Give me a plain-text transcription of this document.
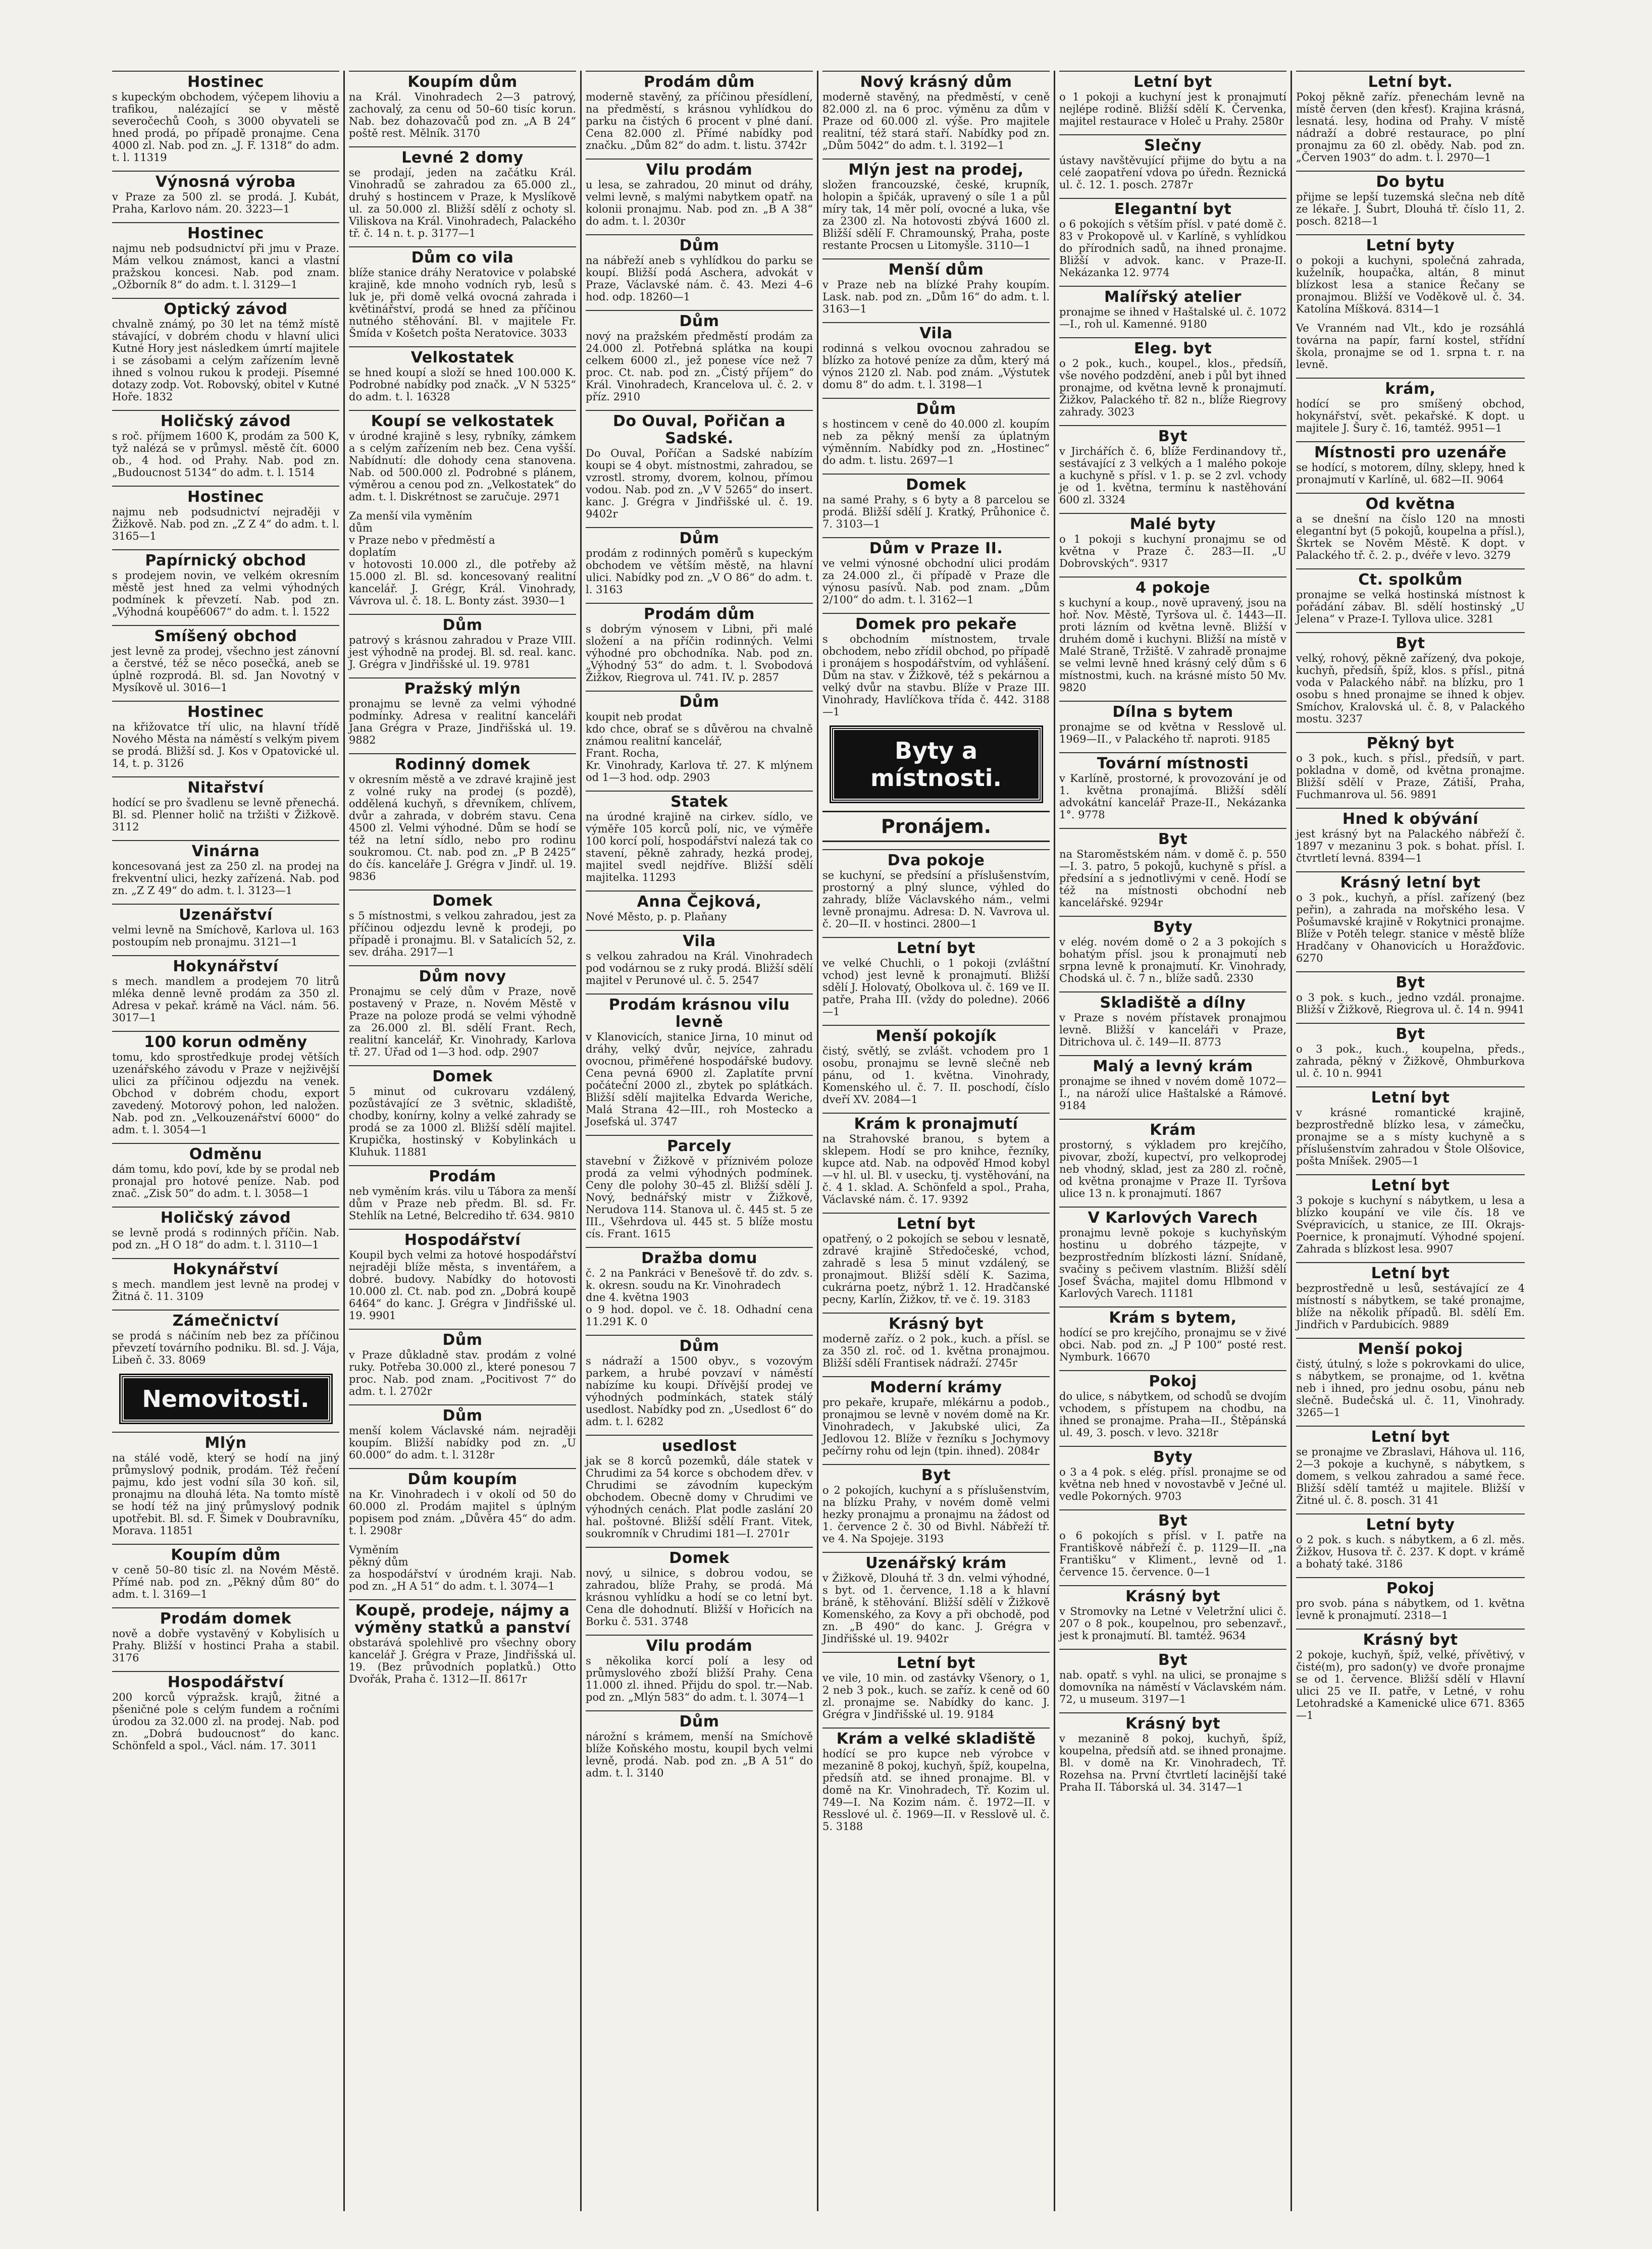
Hostinec
s kupeckým obchodem, výčepem lihoviu a trafikou, nalézající se v městě severočechů Cooh, s 3000 obyvateli se hned prodá, po případě pronajme. Cena 4000 zl. Nab. pod zn. „J. F. 1318“ do adm. t. l. 11319
Výnosná výroba
v Praze za 500 zl. se prodá. J. Kubát, Praha, Karlovo nám. 20. 3223—1
Hostinec
najmu neb podsudnictví při jmu v Praze. Mám velkou známost, kanci a vlastní pražskou koncesi. Nab. pod znam. „Ožborník 8“ do adm. t. l. 3129—1
Optický závod
chvalně známý, po 30 let na témž místě stávající, v dobrém chodu v hlavní ulici Kutné Hory jest následkem úmrtí majitele i se zásobami a celým zařízením levně ihned s volnou rukou k prodeji. Písemné dotazy zodp. Vot. Robovský, obitel v Kutné Hoře. 1832
Holičský závod
s roč. příjmem 1600 K, prodám za 500 K, tyž nalézá se v průmysl. městě čít. 6000 ob., 4 hod. od Prahy. Nab. pod zn. „Budoucnost 5134“ do adm. t. l. 1514
Hostinec
najmu neb podsudnictví nejraději v Žižkově. Nab. pod zn. „Z Z 4“ do adm. t. l. 3165—1
Papírnický obchod
s prodejem novin, ve velkém okresním městě jest hned za velmi výhodných podmínek k převzetí. Nab. pod zn. „Výhodná koupě6067“ do adm. t. l. 1522
Smíšený obchod
jest levně za prodej, všechno jest zánovní a čerstvé, též se něco posečká, aneb se úplně rozprodá. Bl. sd. Jan Novotný v Mysíkově ul. 3016—1
Hostinec
na křižovatce tří ulic, na hlavní třídě Nového Města na náměstí s velkým pivem se prodá. Bližší sd. J. Kos v Opatovické ul. 14, t. p. 3126
Nitařství
hodící se pro švadlenu se levně přenechá. Bl. sd. Plenner holič na tržišti v Žižkově. 3112
Vinárna
koncesovaná jest za 250 zl. na prodej na frekventní ulici, hezky zařízená. Nab. pod zn. „Z Z 49“ do adm. t. l. 3123—1
Uzenářství
velmi levně na Smíchově, Karlova ul. 163 postoupím neb pronajmu. 3121—1
Hokynářství
s mech. mandlem a prodejem 70 litrů mléka denně levně prodám za 350 zl. Adresa v pekař. krámě na Václ. nám. 56. 3017—1
100 korun odměny
tomu, kdo sprostředkuje prodej větších uzenářského závodu v Praze v nejživější ulici za příčinou odjezdu na venek. Obchod v dobrém chodu, export zavedený. Motorový pohon, led naložen. Nab. pod zn. „Velkouzenářství 6000“ do adm. t. l. 3054—1
Odměnu
dám tomu, kdo poví, kde by se prodal neb pronajal pro hotové peníze. Nab. pod znač. „Zisk 50“ do adm. t. l. 3058—1
Holičský závod
se levně prodá s rodinných příčin. Nab. pod zn. „H O 18“ do adm. t. l. 3110—1
Hokynářství
s mech. mandlem jest levně na prodej v Žitná č. 11. 3109
Zámečnictví
se prodá s náčiním neb bez za příčinou převzetí továrního podniku. Bl. sd. J. Vája, Libeň č. 33. 8069
Nemovitosti.
Mlýn
na stálé vodě, který se hodí na jiný průmyslový podnik, prodám. Též řečení pajmu, kdo jest vodní síla 30 koň. sil, pronajmu na dlouhá léta. Na tomto místě se hodí též na jiný průmyslový podnik upotřebit. Bl. sd. F. Šimek v Doubravníku, Morava. 11851
Koupím dům
v ceně 50–80 tisíc zl. na Novém Městě. Přímé nab. pod zn. „Pěkný dům 80“ do adm. t. l. 3169—1
Prodám domek
nově a dobře vystavěný v Kobylisích u Prahy. Bližší v hostinci Praha a stabil. 3176
Hospodářství
200 korců výpražsk. krajů, žitné a pšeničné pole s celým fundem a ročními úrodou za 32.000 zl. na prodej. Nab. pod zn. „Dobrá budoucnost“ do kanc. Schönfeld a spol., Václ. nám. 17. 3011
Koupím dům
na Král. Vinohradech 2—3 patrový, zachovalý, za cenu od 50–60 tisíc korun. Nab. bez dohazovačů pod zn. „A B 24“ poště rest. Mělník. 3170
Levné 2 domy
se prodají, jeden na začátku Král. Vinohradů se zahradou za 65.000 zl., druhý s hostincem v Praze, k Myslíkově ul. za 50.000 zl. Bližší sdělí z ochoty sl. Viliskova na Král. Vinohradech, Palackého tř. č. 14 n. t. p. 3177—1
Dům co vila
blíže stanice dráhy Neratovice v polabské krajině, kde mnoho vodních ryb, lesů s luk je, při domě velká ovocná zahrada i květinářství, prodá se hned za příčinou nutného stěhování. Bl. v majitele Fr. Šmída v Košetch pošta Neratovice. 3033
Velkostatek
se hned koupí a složí se hned 100.000 K. Podrobné nabídky pod značk. „V N 5325“ do adm. t. l. 16328
Koupí se velkostatek
v úrodné krajině s lesy, rybníky, zámkem a s celým zařízením neb bez. Cena vyšší. Nabídnutí: dle dohody cena stanovena. Nab. od 500.000 zl. Podrobné s plánem, výměrou a cenou pod zn. „Velkostatek“ do adm. t. l. Diskrétnost se zaručuje. 2971
Za menší vila vyměním
dům
v Praze nebo v předměstí a
doplatím
v hotovosti 10.000 zl., dle potřeby až 15.000 zl. Bl. sd. koncesovaný realitní kancelář. J. Grégr, Král. Vinohrady, Vávrova ul. č. 18. L. Bonty zást. 3930—1
Dům
patrový s krásnou zahradou v Praze VIII. jest výhodně na prodej. Bl. sd. real. kanc. J. Grégra v Jindřišské ul. 19. 9781
Pražský mlýn
pronajmu se levně za velmi výhodné podmínky. Adresa v realitní kanceláři Jana Grégra v Praze, Jindřišská ul. 19. 9882
Rodinný domek
v okresním městě a ve zdravé krajině jest z volné ruky na prodej (s pozdě), oddělená kuchyň, s dřevníkem, chlívem, dvůr a zahrada, v dobrém stavu. Cena 4500 zl. Velmi výhodné. Dům se hodí se též na letní sídlo, nebo pro rodinu soukromou. Ct. nab. pod zn. „P B 2425“ do čís. kanceláře J. Grégra v Jindř. ul. 19. 9836
Domek
s 5 místnostmi, s velkou zahradou, jest za příčinou odjezdu levně k prodeji, po případě i pronajmu. Bl. v Satalicích 52, z. sev. dráha. 2917—1
Dům novy
Pronajmu se celý dům v Praze, nově postavený v Praze, n. Novém Městě v Praze na poloze prodá se velmi výhodně za 26.000 zl. Bl. sdělí Frant. Rech, realitní kancelář, Kr. Vinohrady, Karlova tř. 27. Úřad od 1—3 hod. odp. 2907
Domek
5 minut od cukrovaru vzdálený, pozůstávající ze 3 světnic, skladiště, chodby, konírny, kolny a velké zahrady se prodá se za 1000 zl. Bližší sdělí majitel. Krupička, hostinský v Kobylinkách u Kluhuk. 11881
Prodám
neb vyměním krás. vilu u Tábora za menší dům v Praze neb předm. Bl. sd. Fr. Stehlík na Letné, Belcrediho tř. 634. 9810
Hospodářství
Koupil bych velmi za hotové hospodářství nejraději blíže města, s inventářem, a dobré. budovy. Nabídky do hotovosti 10.000 zl. Ct. nab. pod zn. „Dobrá koupě 6464“ do kanc. J. Grégra v Jindřišské ul. 19. 9901
Dům
v Praze důkladně stav. prodám z volné ruky. Potřeba 30.000 zl., které ponesou 7 proc. Nab. pod znam. „Pocitivost 7“ do adm. t. l. 2702r
Dům
menší kolem Václavské nám. nejraději koupím. Bližší nabídky pod zn. „U 60.000“ do adm. t. l. 3128r
Dům koupím
na Kr. Vinohradech i v okolí od 50 do 60.000 zl. Prodám majitel s úplným popisem pod znám. „Důvěra 45“ do adm. t. l. 2908r
Vyměním
pěkný dům
za hospodářství v úrodném kraji. Nab. pod zn. „H A 51“ do adm. t. l. 3074—1
Koupě, prodeje, nájmy a výměny statků a panství
obstarává spolehlivě pro všechny obory kancelář J. Grégra v Praze, Jindřišská ul. 19. (Bez průvodních poplatků.) Otto Dvořák, Praha č. 1312—II. 8617r
Prodám dům
moderně stavěný, za příčinou přesídlení, na předměstí, s krásnou vyhlídkou do parku na čistých 6 procent v plné daní. Cena 82.000 zl. Přímé nabídky pod značku. „Dům 82“ do adm. t. listu. 3742r
Vilu prodám
u lesa, se zahradou, 20 minut od dráhy, velmi levně, s malými nabytkem opatř. na kolonii pronajmu. Nab. pod zn. „B A 38“ do adm. t. l. 2030r
Dům
na nábřeží aneb s vyhlídkou do parku se koupí. Bližší podá Aschera, advokát v Praze, Václavské nám. č. 43. Mezi 4–6 hod. odp. 18260—1
Dům
nový na pražském předměstí prodám za 24.000 zl. Potřebná splátka na koupi celkem 6000 zl., jež ponese více než 7 proc. Ct. nab. pod zn. „Čistý příjem“ do Král. Vinohradech, Krancelova ul. č. 2. v příz. 2910
Do Ouval, Pořičan a Sadské.
Do Ouval, Poříčan a Sadské nabízím koupi se 4 obyt. místnostmi, zahradou, se vzrostl. stromy, dvorem, kolnou, přímou vodou. Nab. pod zn. „V V 5265“ do insert. kanc. J. Grégra v Jindřišské ul. č. 19. 9402r
Dům
prodám z rodinných poměrů s kupeckým obchodem ve větším městě, na hlavní ulici. Nabídky pod zn. „V O 86“ do adm. t. l. 3163
Prodám dům
s dobrým výnosem v Libni, při malé složení a na příčin rodinných. Velmi výhodné pro obchodníka. Nab. pod zn. „Výhodný 53“ do adm. t. l. Svobodová Žižkov, Riegrova ul. 741. IV. p. 2857
Dům
koupit neb prodat
kdo chce, obrať se s důvěrou na chvalně známou realitní kancelář,
Frant. Rocha,
Kr. Vinohrady, Karlova tř. 27. K mlýnem od 1—3 hod. odp. 2903
Statek
na úrodné krajině na cirkev. sídlo, ve výměře 105 korců polí, nic, ve výměře 100 korcí polí, hospodářství nalezá tak co stavení, pěkně zahrady, hezká prodej, majitel svedl nejdříve. Bližší sdělí majitelka. 11293
Anna Čejková,
Nové Město, p. p. Plaňany
Vila
s velkou zahradou na Král. Vinohradech pod vodárnou se z ruky prodá. Bližší sdělí majitel v Perunové ul. č. 5. 2547
Prodám krásnou vilu levně
v Klanovicích, stanice Jirna, 10 minut od dráhy, velký dvůr, nejvíce, zahradu ovocnou, přiměřené hospodářské budovy. Cena pevná 6900 zl. Zaplatíte první počáteční 2000 zl., zbytek po splátkách. Bližší sdělí majitelka Edvarda Weriche, Malá Strana 42—III., roh Mostecko a Josefská ul. 3747
Parcely
stavební v Žižkově v příznivém poloze prodá za velmi výhodných podmínek. Ceny dle polohy 30–45 zl. Bližší sdělí J. Nový, bednářský mistr v Žižkově, Nerudova 114. Stanova ul. č. 445 st. 5 ze III., Všehrdova ul. 445 st. 5 blíže mostu cís. Frant. 1615
Dražba domu
č. 2 na Pankráci v Benešově tř. do zdv. s. k. okresn. soudu na Kr. Vinohradech
dne 4. května 1903
o 9 hod. dopol. ve č. 18. Odhadní cena 11.291 K. 0
Dům
s nádraží a 1500 obyv., s vozovým parkem, a hrubé povzaví v náměstí nabízíme ku koupi. Dřívější prodej ve výhodných podmínkách, statek stálý usedlost. Nabídky pod zn. „Usedlost 6“ do adm. t. l. 6282
usedlost
jak se 8 korců pozemků, dále statek v Chrudimi za 54 korce s obchodem dřev. v Chrudimi se závodním kupeckým obchodem. Obecně domy v Chrudimi ve výhodných cenách. Plat podle zaslání 20 hal. poštovné. Bližší sdělí Frant. Vitek, soukromník v Chrudimi 181—I. 2701r
Domek
nový, u silnice, s dobrou vodou, se zahradou, blíže Prahy, se prodá. Má krásnou vyhlídku a hodí se co letní byt. Cena dle dohodnutí. Bližší v Hořicích na Borku č. 531. 3748
Vilu prodám
s několika korcí polí a lesy od průmyslového zboží bližší Prahy. Cena 11.000 zl. ihned. Přijdu do spol. tr.—Nab. pod zn. „Mlýn 583“ do adm. t. l. 3074—1
Dům
nárožní s krámem, menší na Smíchově blíže Koňského mostu, koupil bych velmi levně, prodá. Nab. pod zn. „B A 51“ do adm. t. l. 3140
Nový krásný dům
moderně stavěný, na předměstí, v ceně 82.000 zl. na 6 proc. výměnu za dům v Praze od 60.000 zl. výše. Pro majitele realitní, též stará staří. Nabídky pod zn. „Dům 5042“ do adm. t. l. 3192—1
Mlýn jest na prodej,
složen francouzské, české, krupník, holopin a špičák, upravený o síle 1 a půl míry tak, 14 měr polí, ovocné a luka, vše za 2300 zl. Na hotovosti zbývá 1600 zl. Bližší sdělí F. Chramounský, Praha, poste restante Procsen u Litomyšle. 3110—1
Menší dům
v Praze neb na blízké Prahy koupím. Lask. nab. pod zn. „Dům 16“ do adm. t. l. 3163—1
Vila
rodinná s velkou ovocnou zahradou se blízko za hotové peníze za dům, který má výnos 2120 zl. Nab. pod znám. „Výstutek domu 8“ do adm. t. l. 3198—1
Dům
s hostincem v ceně do 40.000 zl. koupím neb za pěkný menší za úplatným výměnním. Nabídky pod zn. „Hostinec“ do adm. t. listu. 2697—1
Domek
na samé Prahy, s 6 byty a 8 parcelou se prodá. Bližší sdělí J. Kratký, Průhonice č. 7. 3103—1
Dům v Praze II.
ve velmi výnosné obchodní ulici prodám za 24.000 zl., či případě v Praze dle výnosu pasívů. Nab. pod znam. „Dům 2/100“ do adm. t. l. 3162—1
Domek pro pekaře
s obchodním místnostem, trvale obchodem, nebo zřídil obchod, po případě i pronájem s hospodářstvím, od vyhlášení. Dům na stav. v Žižkově, též s pekárnou a velký dvůr na stavbu. Blíže v Praze III. Vinohrady, Havlíčkova třída č. 442. 3188—1
Byty a místnosti.
Pronájem.
Dva pokoje
se kuchyní, se předsíní a příslušenstvím, prostorný a plný slunce, výhled do zahrady, blíže Václavského nám., velmi levně pronajmu. Adresa: D. N. Vavrova ul. č. 20—II. v hostinci. 2800—1
Letní byt
ve velké Chuchli, o 1 pokoji (zvláštní vchod) jest levně k pronajmutí. Bližší sdělí J. Holovatý, Obolkova ul. č. 169 ve II. patře, Praha III. (vždy do poledne). 2066—1
Menší pokojík
čistý, světlý, se zvlášt. vchodem pro 1 osobu, pronajmu se levně slečně neb pánu, od 1. května. Vinohrady, Komenského ul. č. 7. II. poschodí, číslo dveří XV. 2084—1
Krám k pronajmutí
na Strahovské branou, s bytem a sklepem. Hodí se pro knihce, řezníky, kupce atd. Nab. na odpověď Hmod kobyl—v hl. ul. Bl. v usecku, tj. vystěhování, na č. 4 1. sklad. A. Schönfeld a spol., Praha, Václavské nám. č. 17. 9392
Letní byt
opatřený, o 2 pokojích se sebou v lesnatě, zdravé krajině Středočeské, vchod, zahradě s lesa 5 minut vzdálený, se pronajmout. Bližší sdělí K. Sazima, cukrárna poetz, nýbrž 1. 12. Hradčanské pecny, Karlín, Žižkov, tř. ve č. 19. 3183
Krásný byt
moderně zaříz. o 2 pok., kuch. a přísl. se za 350 zl. roč. od 1. května pronajmou. Bližší sdělí Frantisek nádraží. 2745r
Moderní krámy
pro pekaře, krupaře, mlékárnu a podob., pronajmou se levně v novém domě na Kr. Vinohradech, v Jakubské ulici, Za Jedlovou 12. Blíže v řezníku s Jochymovy pečírny rohu od lejn (tpin. ihned). 2084r
Byt
o 2 pokojích, kuchyní a s příslušenstvím, na blízku Prahy, v novém domě velmi hezky pronajmu a pronajmu na žádost od 1. července 2 č. 30 od Bivhl. Nábřeží tř. ve 4. Na Spojeje. 3193
Uzenářský krám
v Žižkově, Dlouhá tř. 3 dn. velmi výhodné, s byt. od 1. července, 1.18 a k hlavní bráně, k stěhování. Bližší sdělí v Žižkově Komenského, za Kovy a při obchodě, pod zn. „B 490“ do kanc. J. Grégra v Jindřišské ul. 19. 9402r
Letní byt
ve vile, 10 min. od zastávky Všenory, o 1, 2 neb 3 pok., kuch. se zaříz. k ceně od 60 zl. pronajme se. Nabídky do kanc. J. Grégra v Jindřišské ul. 19. 9184
Krám a velké skladiště
hodící se pro kupce neb výrobce v mezanině 8 pokoj, kuchyň, špíž, koupelna, předsíň atd. se ihned pronajme. Bl. v domě na Kr. Vinohradech, Tř. Kozim ul. 749—I. Na Kozim nám. č. 1972—II. v Resslové ul. č. 1969—II. v Resslově ul. č. 5. 3188
Letní byt
o 1 pokoji a kuchyní jest k pronajmutí nejlépe rodině. Bližší sdělí K. Červenka, majitel restaurace v Holeč u Prahy. 2580r
Slečny
ústavy navštěvující přijme do bytu a na celé zaopatření vdova po úředn. Řeznická ul. č. 12. 1. posch. 2787r
Elegantní byt
o 6 pokojích s větším přísl. v paté domě č. 83 v Prokopově ul. v Karlíně, s vyhlídkou do přírodních sadů, na ihned pronajme. Bližší v advok. kanc. v Praze-II. Nekázanka 12. 9774
Malířský atelier
pronajme se ihned v Haštalské ul. č. 1072—I., roh ul. Kamenné. 9180
Eleg. byt
o 2 pok., kuch., koupel., klos., předsíň, vše nového podzdění, aneb i půl byt ihned pronajme, od května levně k pronajmutí. Žižkov, Palackého tř. 82 n., blíže Riegrovy zahrady. 3023
Byt
v Jirchářích č. 6, blíže Ferdinandovy tř., sestávající z 3 velkých a 1 malého pokoje a kuchyně s přísl. v 1. p. se 2 zvl. vchody je od 1. května, termínu k nastěhování 600 zl. 3324
Malé byty
o 1 pokoji s kuchyní pronajmu se od května v Praze č. 283—II. „U Dobrovských“. 9317
4 pokoje
s kuchyní a koup., nově upravený, jsou na hoř. Nov. Městě, Tyršova ul. č. 1443—II. proti lázním od května levně. Bližší v druhém domě i kuchyni. Bližší na místě v Malé Straně, Tržiště. V zahradě pronajme se velmi levně hned krásný celý dům s 6 místnostmi, kuch. na krásné místo 50 Mv. 9820
Dílna s bytem
pronajme se od května v Resslově ul. 1969—II., v Palackého tř. naproti. 9185
Tovární místnosti
v Karlíně, prostorné, k provozování je od 1. května pronajímá. Bližší sdělí advokátní kancelář Praze-II., Nekázanka 1°. 9778
Byt
na Staroměstském nám. v domě č. p. 550—I. 3. patro, 5 pokojů, kuchyně s přísl. a předsíní a s jednotlivými v ceně. Hodí se též na místnosti obchodní neb kancelářské. 9294r
Byty
v elég. novém domě o 2 a 3 pokojích s bohatým přísl. jsou k pronajmutí neb srpna levně k pronajmutí. Kr. Vinohrady, Chodská ul. č. 7 n., blíže sadů. 2330
Skladiště a dílny
v Praze s novém přístavek pronajmou levně. Bližší v kanceláři v Praze, Ditrichova ul. č. 149—II. 8773
Malý a levný krám
pronajme se ihned v novém domě 1072—I., na nároží ulice Haštalské a Rámové. 9184
Krám
prostorný, s výkladem pro krejčího, pivovar, zboží, kupectví, pro velkoprodej neb vhodný, sklad, jest za 280 zl. ročně, od května pronajme v Praze II. Tyršova ulice 13 n. k pronajmutí. 1867
V Karlových Varech
pronajmu levně pokoje s kuchyňským hostinu u dobrého tázpejte, v bezprostředním blízkosti lázní. Snídaně, svačiny s pečivem vlastním. Bližší sdělí Josef Švácha, majitel domu Hlbmond v Karlových Varech. 11181
Krám s bytem,
hodící se pro krejčího, pronajmu se v živé obci. Nab. pod zn. „J P 100“ posté rest. Nymburk. 16670
Pokoj
do ulice, s nábytkem, od schodů se dvojím vchodem, s přístupem na chodbu, na ihned se pronajme. Praha—II., Štěpánská ul. 49, 3. posch. v levo. 3218r
Byty
o 3 a 4 pok. s elég. přísl. pronajme se od května neb hned v novostavbě v Ječné ul. vedle Pokorných. 9703
Byt
o 6 pokojích s přísl. v I. patře na Františkově nábřeží č. p. 1129—II. „na Františku“ v Kliment., levně od 1. července 15. července. 0—1
Krásný byt
v Stromovky na Letné v Veletržní ulici č. 207 o 8 pok., koupelnou, pro sebenzavř., jest k pronajmutí. Bl. tamtéž. 9634
Byt
nab. opatř. s vyhl. na ulici, se pronajme s domovníka na náměstí v Václavském nám. 72, u museum. 3197—1
Krásný byt
v mezanině 8 pokoj, kuchyň, špíž, koupelna, předsíň atd. se ihned pronajme. Bl. v domě na Kr. Vinohradech, Tř. Rozehsa na. První čtvrtletí lacinější také Praha II. Táborská ul. 34. 3147—1
Letní byt.
Pokoj pěkně zaříz. přenechám levně na místě červen (den křesť). Krajina krásná, lesnatá. lesy, hodina od Prahy. V místě nádraží a dobré restaurace, po plní pronajmu za 60 zl. obědy. Nab. pod zn. „Červen 1903“ do adm. t. l. 2970—1
Do bytu
přijme se lepší tuzemská slečna neb dítě ze lékaře. J. Šubrt, Dlouhá tř. číslo 11, 2. posch. 8218—1
Letní byty
o pokoji a kuchyni, společná zahrada, kuželník, houpačka, altán, 8 minut blízkost lesa a stanice Řečany se pronajmou. Bližší ve Voděkově ul. č. 34. Katolína Míšková. 8314—1
Ve Vranném nad Vlt., kdo je rozsáhlá továrna na papír, farní kostel, střídní škola, pronajme se od 1. srpna t. r. na levně.
krám,
hodící se pro smíšený obchod, hokynářství, svět. pekařské. K dopt. u majitele J. Šury č. 16, tamtéž. 9951—1
Místnosti pro uzenáře
se hodící, s motorem, dílny, sklepy, hned k pronajmutí v Karlíně, ul. 682—II. 9064
Od května
a se dnešní na číslo 120 na mnosti elegantní byt (5 pokojů, koupelna a přísl.), Škrtek se Nověm Městě. K dopt. v Palackého tř. č. 2. p., dvéře v levo. 3279
Ct. spolkům
pronajme se velká hostinská místnost k pořádání zábav. Bl. sdělí hostinský „U Jelena“ v Praze-I. Tyllova ulice. 3281
Byt
velký, rohový, pěkně zařízený, dva pokoje, kuchyň, předsíň, špíž, klos. s přísl., pitná voda v Palackého nábř. na blízku, pro 1 osobu s hned pronajme se ihned k objev. Smíchov, Kralovská ul. č. 8, v Palackého mostu. 3237
Pěkný byt
o 3 pok., kuch. s přísl., předsíň, v part. pokladna v domě, od května pronajme. Bližší sdělí v Praze, Zátiší, Praha, Fuchmanrova ul. 56. 9891
Hned k obývání
jest krásný byt na Palackého nábřeží č. 1897 v mezaninu 3 pok. s bohat. přísl. I. čtvrtletí levná. 8394—1
Krásný letní byt
o 3 pok., kuchyň, a přísl. zařízený (bez peřin), a zahrada na mořského lesa. V Pošumavské krajině v Rokytnici pronajme. Blíže v Potěh telegr. stanice v městě blíže Hradčany v Ohanovicích u Horažďovic. 6270
Byt
o 3 pok. s kuch., jedno vzdál. pronajme. Bližší v Žižkově, Riegrova ul. č. 14 n. 9941
Byt
o 3 pok., kuch., koupelna, předs., zahrada, pěkný v Žižkově, Ohmburkova ul. č. 10 n. 9941
Letní byt
v krásné romantické krajině, bezprostředně blízko lesa, v zámečku, pronajme se a s místy kuchyně a s příslušenstvím zahradou v Štole Olšovice, pošta Mníšek. 2905—1
Letní byt
3 pokoje s kuchyní s nábytkem, u lesa a blízko koupání ve vile čís. 18 ve Svépravicích, u stanice, ze III. Okrajs-Poernice, k pronajmutí. Výhodné spojení. Zahrada s blízkost lesa. 9907
Letní byt
bezprostředně u lesů, sestávající ze 4 místností s nábytkem, se také pronajme, blíže na několik případů. Bl. sdělí Em. Jindřich v Pardubicích. 9889
Menší pokoj
čistý, útulný, s lože s pokrovkami do ulice, s nábytkem, se pronajme, od 1. května neb i ihned, pro jednu osobu, pánu neb slečně. Budečská ul. č. 11, Vinohrady. 3265—1
Letní byt
se pronajme ve Zbraslavi, Háhova ul. 116, 2—3 pokoje a kuchyně, s nábytkem, s domem, s velkou zahradou a samé řece. Bližší sdělí tamtéž u majitele. Bližší v Žitné ul. č. 8. posch. 31 41
Letní byty
o 2 pok. s kuch. s nábytkem, a 6 zl. měs. Žižkov, Husova tř. č. 237. K dopt. v krámě a bohatý také. 3186
Pokoj
pro svob. pána s nábytkem, od 1. května levně k pronajmutí. 2318—1
Krásný byt
2 pokoje, kuchyň, špíž, velké, přívětivý, v čisté(m), pro sadon(y) ve dvoře pronajme se od 1. července. Bližší sdělí v Hlavní ulici 25 ve II. patře, v Letné, v rohu Letohradské a Kamenické ulice 671. 8365—1
